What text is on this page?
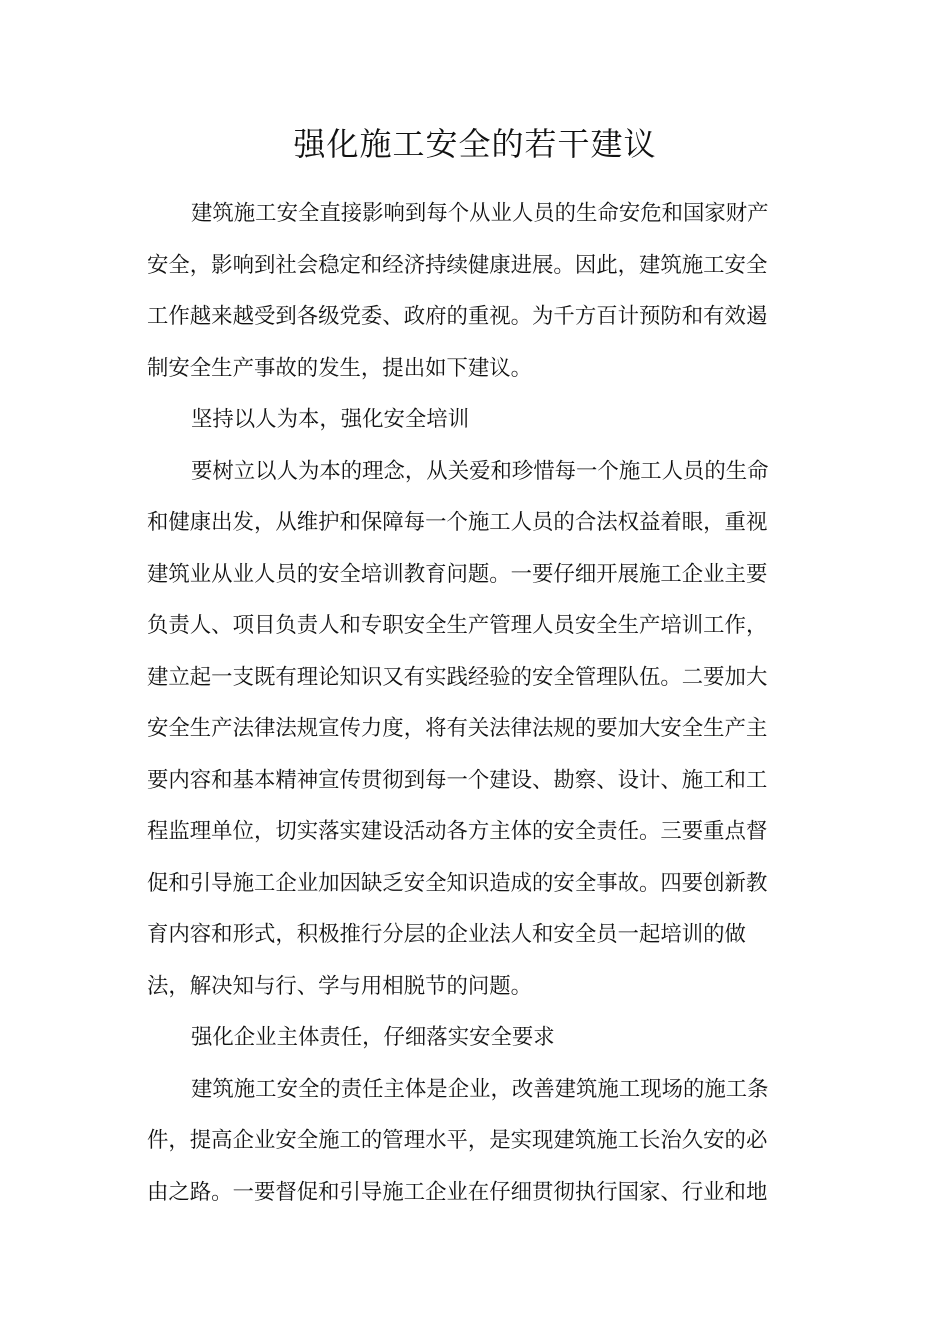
强化施工安全的若干建议

建筑施工安全直接影响到每个从业人员的生命安危和国家财产

安全，影响到社会稳定和经济持续健康进展。因此，建筑施工安全

工作越来越受到各级党委、政府的重视。为千方百计预防和有效遏

制安全生产事故的发生，提出如下建议。

坚持以人为本，强化安全培训

要树立以人为本的理念，从关爱和珍惜每一个施工人员的生命

和健康出发，从维护和保障每一个施工人员的合法权益着眼，重视

建筑业从业人员的安全培训教育问题。一要仔细开展施工企业主要

负责人、项目负责人和专职安全生产管理人员安全生产培训工作，

建立起一支既有理论知识又有实践经验的安全管理队伍。二要加大

安全生产法律法规宣传力度，将有关法律法规的要加大安全生产主

要内容和基本精神宣传贯彻到每一个建设、勘察、设计、施工和工

程监理单位，切实落实建设活动各方主体的安全责任。三要重点督

促和引导施工企业加因缺乏安全知识造成的安全事故。四要创新教

育内容和形式，积极推行分层的企业法人和安全员一起培训的做

法，解决知与行、学与用相脱节的问题。

强化企业主体责任，仔细落实安全要求

建筑施工安全的责任主体是企业，改善建筑施工现场的施工条

件，提高企业安全施工的管理水平，是实现建筑施工长治久安的必

由之路。一要督促和引导施工企业在仔细贯彻执行国家、行业和地
